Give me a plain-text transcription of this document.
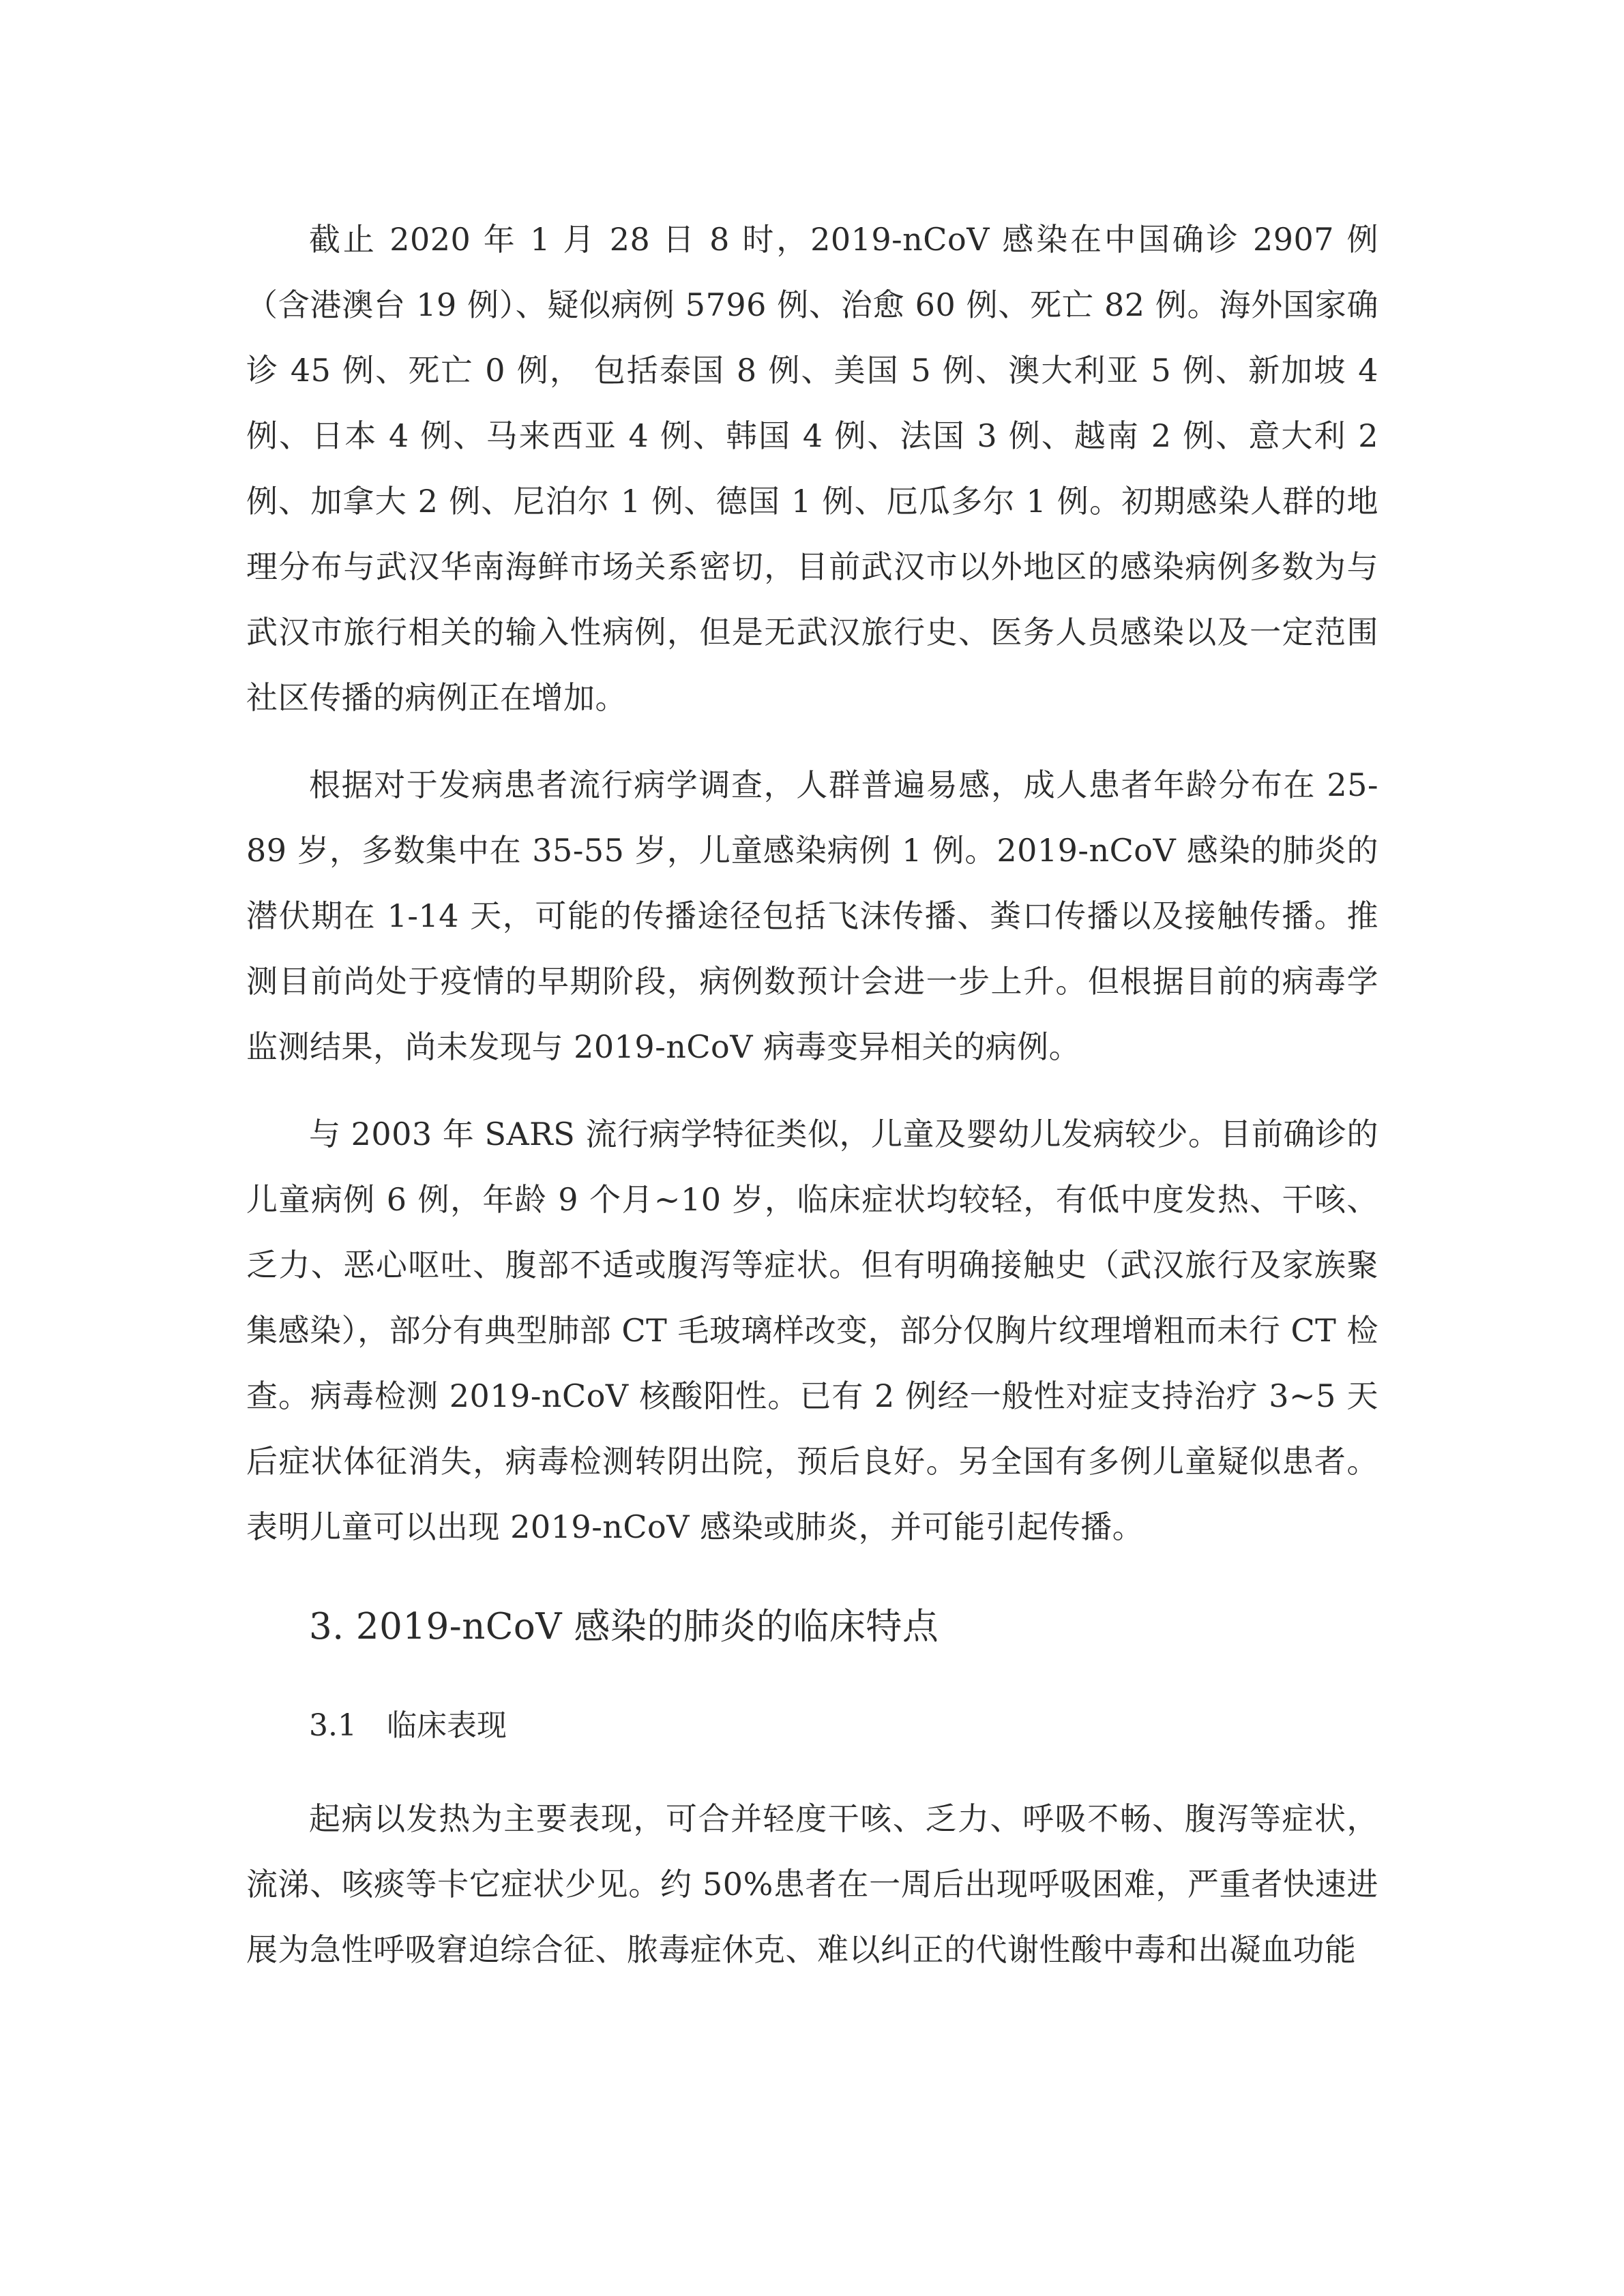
截止 2020 年 1 月 28 日 8 时，2019-nCoV 感染在中国确诊 2907 例（含港澳台 19 例）、疑似病例 5796 例、治愈 60 例、死亡 82 例。海外国家确诊 45 例、死亡 0 例， 包括泰国 8 例、美国 5 例、澳大利亚 5 例、新加坡 4 例、日本 4 例、马来西亚 4 例、韩国 4 例、法国 3 例、越南 2 例、意大利 2 例、加拿大 2 例、尼泊尔 1 例、德国 1 例、厄瓜多尔 1 例。初期感染人群的地理分布与武汉华南海鲜市场关系密切，目前武汉市以外地区的感染病例多数为与武汉市旅行相关的输入性病例，但是无武汉旅行史、医务人员感染以及一定范围社区传播的病例正在增加。

根据对于发病患者流行病学调查，人群普遍易感，成人患者年龄分布在 25-89 岁，多数集中在 35-55 岁，儿童感染病例 1 例。2019-nCoV 感染的肺炎的潜伏期在 1-14 天，可能的传播途径包括飞沫传播、粪口传播以及接触传播。推测目前尚处于疫情的早期阶段，病例数预计会进一步上升。但根据目前的病毒学监测结果，尚未发现与 2019-nCoV 病毒变异相关的病例。

与 2003 年 SARS 流行病学特征类似，儿童及婴幼儿发病较少。目前确诊的儿童病例 6 例，年龄 9 个月~10 岁，临床症状均较轻，有低中度发热、干咳、乏力、恶心呕吐、腹部不适或腹泻等症状。但有明确接触史（武汉旅行及家族聚集感染），部分有典型肺部 CT 毛玻璃样改变，部分仅胸片纹理增粗而未行 CT 检查。病毒检测 2019-nCoV 核酸阳性。已有 2 例经一般性对症支持治疗 3~5 天后症状体征消失，病毒检测转阴出院，预后良好。另全国有多例儿童疑似患者。表明儿童可以出现 2019-nCoV 感染或肺炎，并可能引起传播。

3. 2019-nCoV 感染的肺炎的临床特点
3.1　临床表现

起病以发热为主要表现，可合并轻度干咳、乏力、呼吸不畅、腹泻等症状，流涕、咳痰等卡它症状少见。约 50%患者在一周后出现呼吸困难，严重者快速进展为急性呼吸窘迫综合征、脓毒症休克、难以纠正的代谢性酸中毒和出凝血功能
